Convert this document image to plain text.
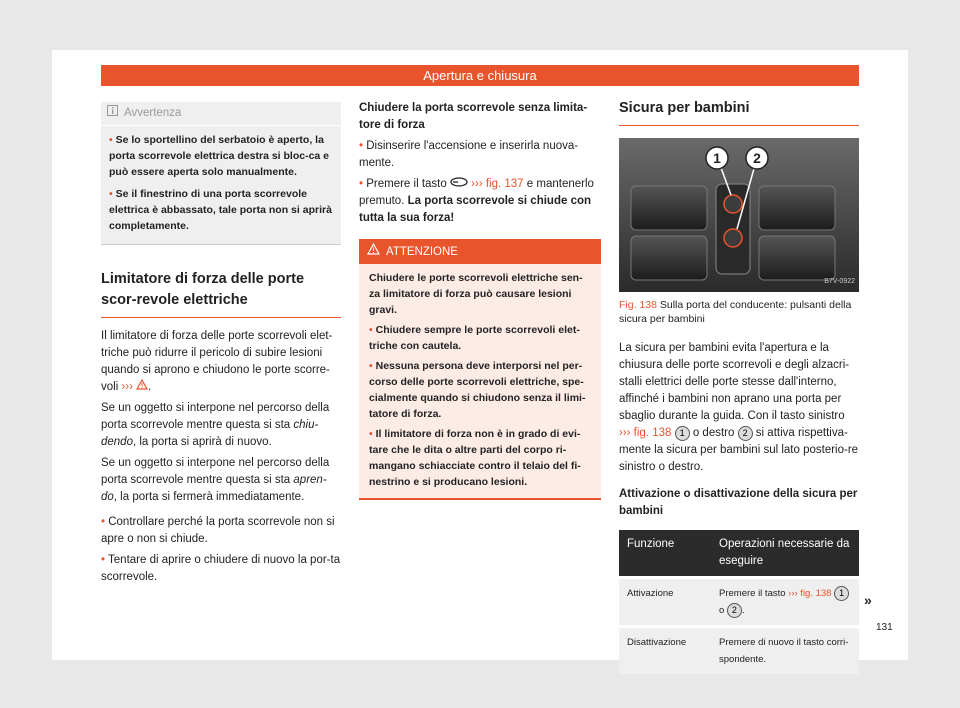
Apertura e chiusura
Avvertenza

• Se lo sportellino del serbatoio è aperto, la porta scorrevole elettrica destra si bloc-ca e può essere aperta solo manualmente.

• Se il finestrino di una porta scorrevole elettrica è abbassato, tale porta non si aprirà completamente.

Limitatore di forza delle porte scor-revole elettriche

Il limitatore di forza delle porte scorrevoli elet-triche può ridurre il pericolo di subire lesioni quando si aprono e chiudono le porte scorre-voli ››› .

Se un oggetto si interpone nel percorso della porta scorrevole mentre questa si sta chiu-dendo, la porta si aprirà di nuovo.

Se un oggetto si interpone nel percorso della porta scorrevole mentre questa si sta apren-do, la porta si fermerà immediatamente.

• Controllare perché la porta scorrevole non si apre o non si chiude.

• Tentare di aprire o chiudere di nuovo la por-ta scorrevole.

Chiudere la porta scorrevole senza limita-tore di forza

• Disinserire l'accensione e inserirla nuova-mente.

• Premere il tasto ››› fig. 137 e mantenerlo premuto. La porta scorrevole si chiude con tutta la sua forza!

ATTENZIONE

Chiudere le porte scorrevoli elettriche sen-za limitatore di forza può causare lesioni gravi.

• Chiudere sempre le porte scorrevoli elet-triche con cautela.

• Nessuna persona deve interporsi nel per-corso delle porte scorrevoli elettriche, spe-cialmente quando si chiudono senza il limi-tatore di forza.

• Il limitatore di forza non è in grado di evi-tare che le dita o altre parti del corpo ri-mangano schiacciate contro il telaio del fi-nestrino e si producano lesioni.

Sicura per bambini
1	2
B7V-0922
Fig. 138 Sulla porta del conducente: pulsanti della sicura per bambini

La sicura per bambini evita l'apertura e la chiusura delle porte scorrevoli e degli alzacri-stalli elettrici delle porte stesse dall'interno, affinché i bambini non aprano una porta per sbaglio durante la guida. Con il tasto sinistro ››› fig. 138 1 o destro 2 si attiva rispettiva-mente la sicura per bambini sul lato posterio-re sinistro o destro.

Attivazione o disattivazione della sicura per bambini
Funzione	Operazioni necessarie da eseguire
Attivazione	Premere il tasto ››› fig. 138 1 o 2 .
Disattivazione	Premere di nuovo il tasto corri-spondente.
»
131
